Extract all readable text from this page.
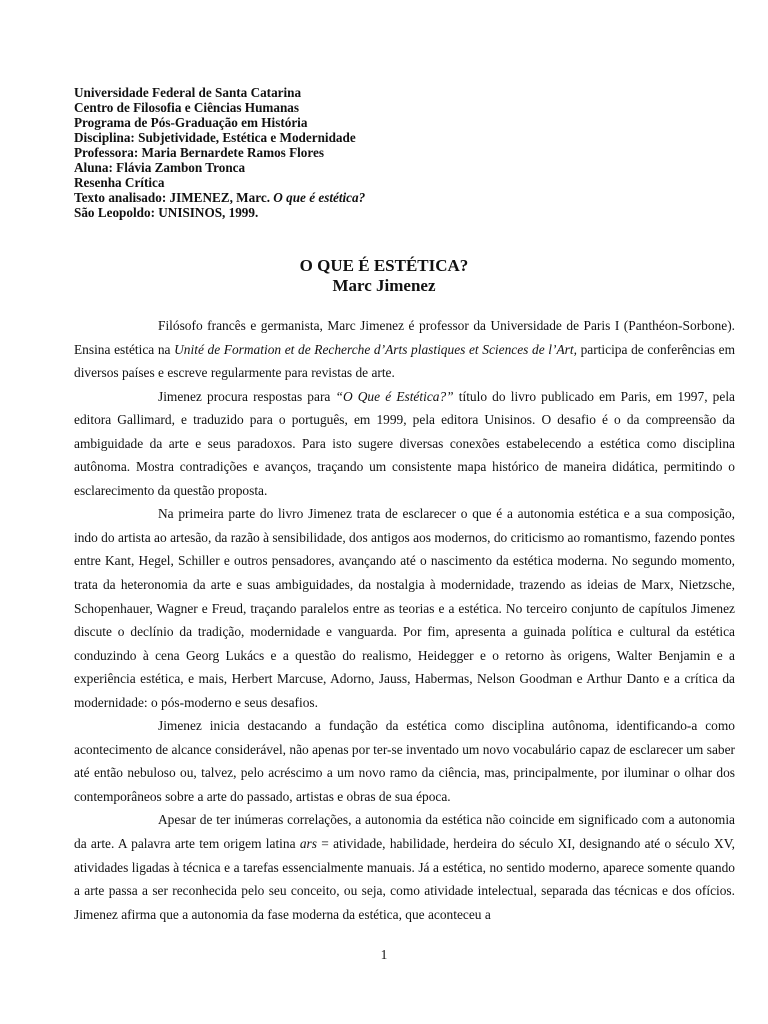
Universidade Federal de Santa Catarina
Centro de Filosofia e Ciências Humanas
Programa de Pós-Graduação em História
Disciplina: Subjetividade, Estética e Modernidade
Professora: Maria Bernardete Ramos Flores
Aluna: Flávia Zambon Tronca
Resenha Crítica
Texto analisado: JIMENEZ, Marc. O que é estética?
São Leopoldo: UNISINOS, 1999.
O QUE É ESTÉTICA?
Marc Jimenez

Filósofo francês e germanista, Marc Jimenez é professor da Universidade de Paris I (Panthéon-Sorbone). Ensina estética na Unité de Formation et de Recherche d’Arts plastiques et Sciences de l’Art, participa de conferências em diversos países e escreve regularmente para revistas de arte.

Jimenez procura respostas para “O Que é Estética?” título do livro publicado em Paris, em 1997, pela editora Gallimard, e traduzido para o português, em 1999, pela editora Unisinos. O desafio é o da compreensão da ambiguidade da arte e seus paradoxos. Para isto sugere diversas conexões estabelecendo a estética como disciplina autônoma. Mostra contradições e avanços, traçando um consistente mapa histórico de maneira didática, permitindo o esclarecimento da questão proposta.

Na primeira parte do livro Jimenez trata de esclarecer o que é a autonomia estética e a sua composição, indo do artista ao artesão, da razão à sensibilidade, dos antigos aos modernos, do criticismo ao romantismo, fazendo pontes entre Kant, Hegel, Schiller e outros pensadores, avançando até o nascimento da estética moderna. No segundo momento, trata da heteronomia da arte e suas ambiguidades, da nostalgia à modernidade, trazendo as ideias de Marx, Nietzsche, Schopenhauer, Wagner e Freud, traçando paralelos entre as teorias e a estética. No terceiro conjunto de capítulos Jimenez discute o declínio da tradição, modernidade e vanguarda. Por fim, apresenta a guinada política e cultural da estética conduzindo à cena Georg Lukács e a questão do realismo, Heidegger e o retorno às origens, Walter Benjamin e a experiência estética, e mais, Herbert Marcuse, Adorno, Jauss, Habermas, Nelson Goodman e Arthur Danto e a crítica da modernidade: o pós-moderno e seus desafios.

Jimenez inicia destacando a fundação da estética como disciplina autônoma, identificando-a como acontecimento de alcance considerável, não apenas por ter-se inventado um novo vocabulário capaz de esclarecer um saber até então nebuloso ou, talvez, pelo acréscimo a um novo ramo da ciência, mas, principalmente, por iluminar o olhar dos contemporâneos sobre a arte do passado, artistas e obras de sua época.

Apesar de ter inúmeras correlações, a autonomia da estética não coincide em significado com a autonomia da arte. A palavra arte tem origem latina ars = atividade, habilidade, herdeira do século XI, designando até o século XV, atividades ligadas à técnica e a tarefas essencialmente manuais. Já a estética, no sentido moderno, aparece somente quando a arte passa a ser reconhecida pelo seu conceito, ou seja, como atividade intelectual, separada das técnicas e dos ofícios. Jimenez afirma que a autonomia da fase moderna da estética, que aconteceu a

1
